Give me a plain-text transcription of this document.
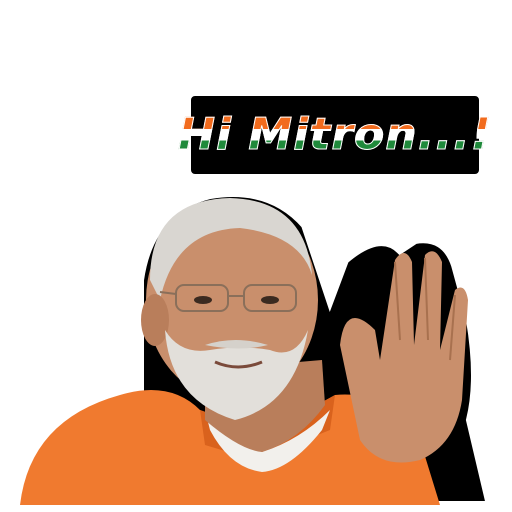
Hi Mitron...!
